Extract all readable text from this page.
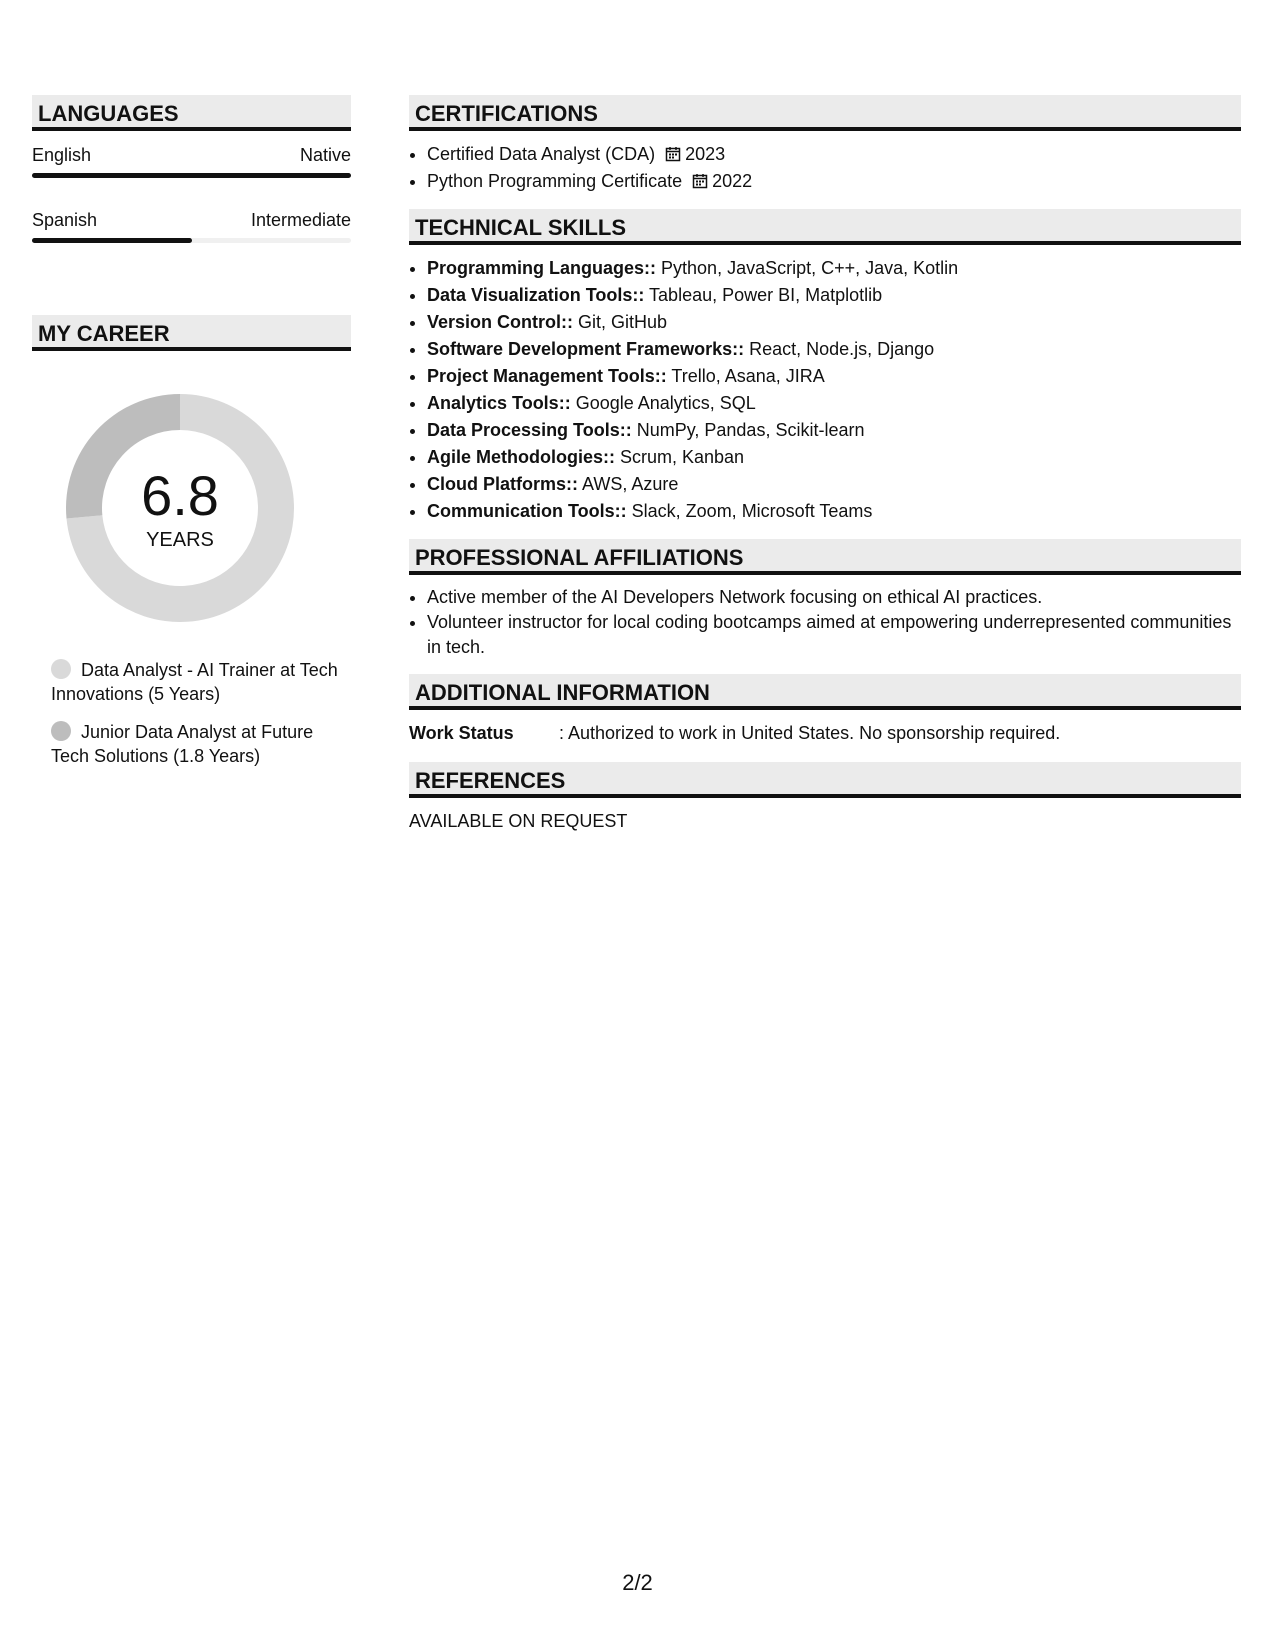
LANGUAGES
English	Native
Spanish	Intermediate
MY CAREER
6.8
YEARS
Data Analyst - AI Trainer at Tech Innovations (5 Years)
Junior Data Analyst at Future Tech Solutions (1.8 Years)
CERTIFICATIONS
• Certified Data Analyst (CDA) 2023
• Python Programming Certificate 2022
TECHNICAL SKILLS
• Programming Languages:: Python, JavaScript, C++, Java, Kotlin
• Data Visualization Tools:: Tableau, Power BI, Matplotlib
• Version Control:: Git, GitHub
• Software Development Frameworks:: React, Node.js, Django
• Project Management Tools:: Trello, Asana, JIRA
• Analytics Tools:: Google Analytics, SQL
• Data Processing Tools:: NumPy, Pandas, Scikit-learn
• Agile Methodologies:: Scrum, Kanban
• Cloud Platforms:: AWS, Azure
• Communication Tools:: Slack, Zoom, Microsoft Teams
PROFESSIONAL AFFILIATIONS
• Active member of the AI Developers Network focusing on ethical AI practices.
• Volunteer instructor for local coding bootcamps aimed at empowering underrepresented communities in tech.
ADDITIONAL INFORMATION
Work Status	: Authorized to work in United States. No sponsorship required.
REFERENCES
AVAILABLE ON REQUEST
2/2
